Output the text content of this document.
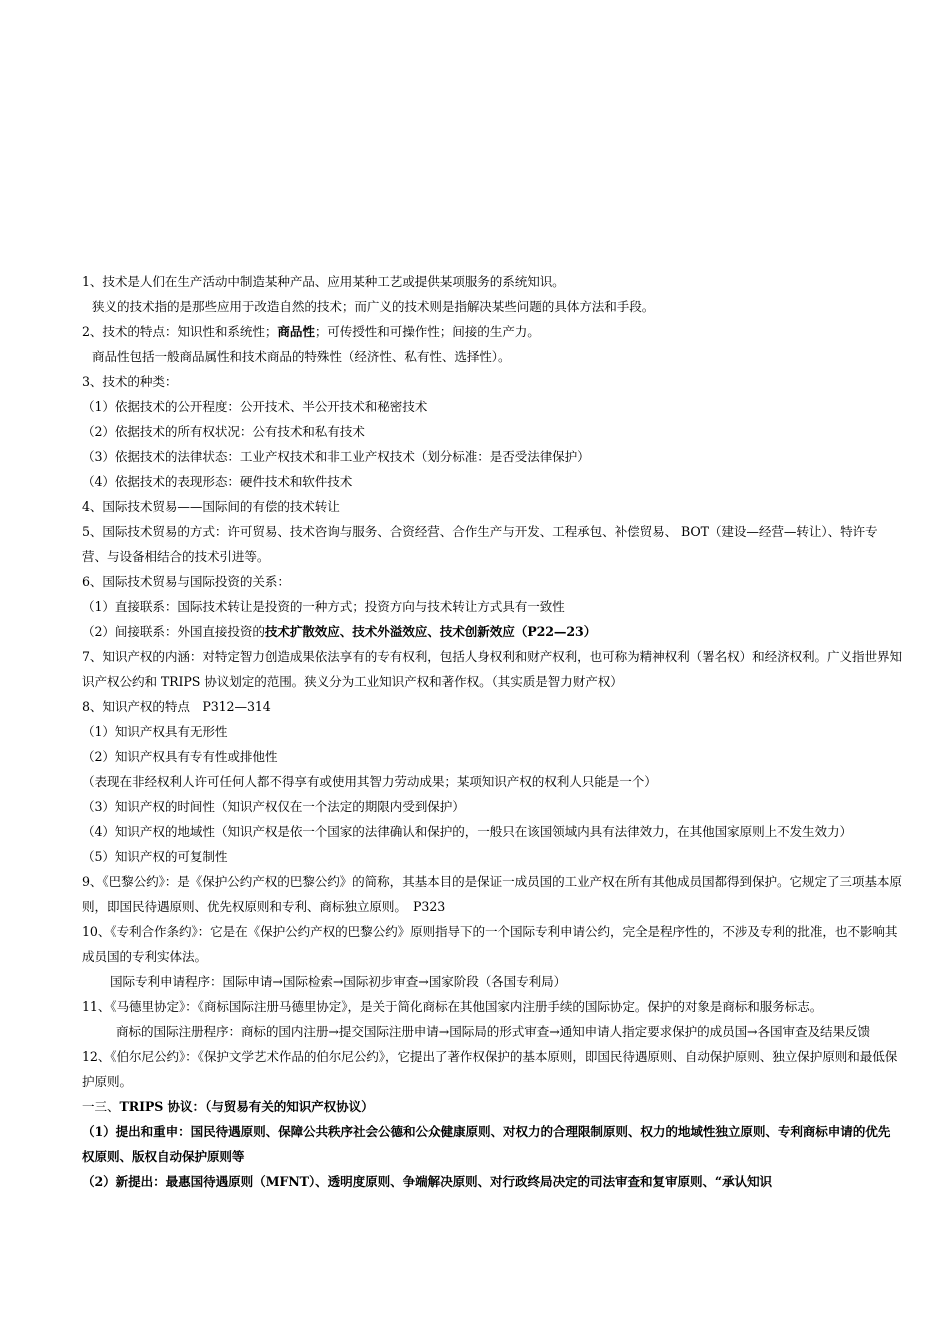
1、技术是人们在生产活动中制造某种产品、应用某种工艺或提供某项服务的系统知识。

狭义的技术指的是那些应用于改造自然的技术；而广义的技术则是指解决某些问题的具体方法和手段。

2、技术的特点：知识性和系统性；商品性；可传授性和可操作性；间接的生产力。

商品性包括一般商品属性和技术商品的特殊性（经济性、私有性、选择性）。

3、技术的种类：

（1）依据技术的公开程度：公开技术、半公开技术和秘密技术

（2）依据技术的所有权状况：公有技术和私有技术

（3）依据技术的法律状态：工业产权技术和非工业产权技术（划分标准：是否受法律保护）

（4）依据技术的表现形态：硬件技术和软件技术

4、国际技术贸易——国际间的有偿的技术转让

5、国际技术贸易的方式：许可贸易、技术咨询与服务、合资经营、合作生产与开发、工程承包、补偿贸易、 BOT（建设—经营—转让）、特许专营、与设备相结合的技术引进等。

6、国际技术贸易与国际投资的关系：

（1）直接联系：国际技术转让是投资的一种方式；投资方向与技术转让方式具有一致性

（2）间接联系：外国直接投资的技术扩散效应、技术外溢效应、技术创新效应（P22—23）

7、知识产权的内涵：对特定智力创造成果依法享有的专有权利，包括人身权利和财产权利，也可称为精神权利（署名权）和经济权利。广义指世界知识产权公约和 TRIPS 协议划定的范围。狭义分为工业知识产权和著作权。（其实质是智力财产权）

8、知识产权的特点　P312—314

（1）知识产权具有无形性

（2）知识产权具有专有性或排他性

（表现在非经权利人许可任何人都不得享有或使用其智力劳动成果；某项知识产权的权利人只能是一个）

（3）知识产权的时间性（知识产权仅在一个法定的期限内受到保护）

（4）知识产权的地域性（知识产权是依一个国家的法律确认和保护的，一般只在该国领域内具有法律效力，在其他国家原则上不发生效力）

（5）知识产权的可复制性

9、《巴黎公约》：是《保护公约产权的巴黎公约》的简称，其基本目的是保证一成员国的工业产权在所有其他成员国都得到保护。它规定了三项基本原则，即国民待遇原则、优先权原则和专利、商标独立原则。　P323

10、《专利合作条约》：它是在《保护公约产权的巴黎公约》原则指导下的一个国际专利申请公约，完全是程序性的，不涉及专利的批准，也不影响其成员国的专利实体法。

国际专利申请程序：国际申请→国际检索→国际初步审查→国家阶段（各国专利局）

11、《马德里协定》：《商标国际注册马德里协定》，是关于简化商标在其他国家内注册手续的国际协定。保护的对象是商标和服务标志。

商标的国际注册程序：商标的国内注册→提交国际注册申请→国际局的形式审查→通知申请人指定要求保护的成员国→各国审查及结果反馈

12、《伯尔尼公约》：《保护文学艺术作品的伯尔尼公约》，它提出了著作权保护的基本原则，即国民待遇原则、自动保护原则、独立保护原则和最低保护原则。

一三、TRIPS 协议：（与贸易有关的知识产权协议）

（1）提出和重申：国民待遇原则、保障公共秩序社会公德和公众健康原则、对权力的合理限制原则、权力的地域性独立原则、专利商标申请的优先权原则、版权自动保护原则等

（2）新提出：最惠国待遇原则（MFNT）、透明度原则、争端解决原则、对行政终局决定的司法审查和复审原则、“承认知识
